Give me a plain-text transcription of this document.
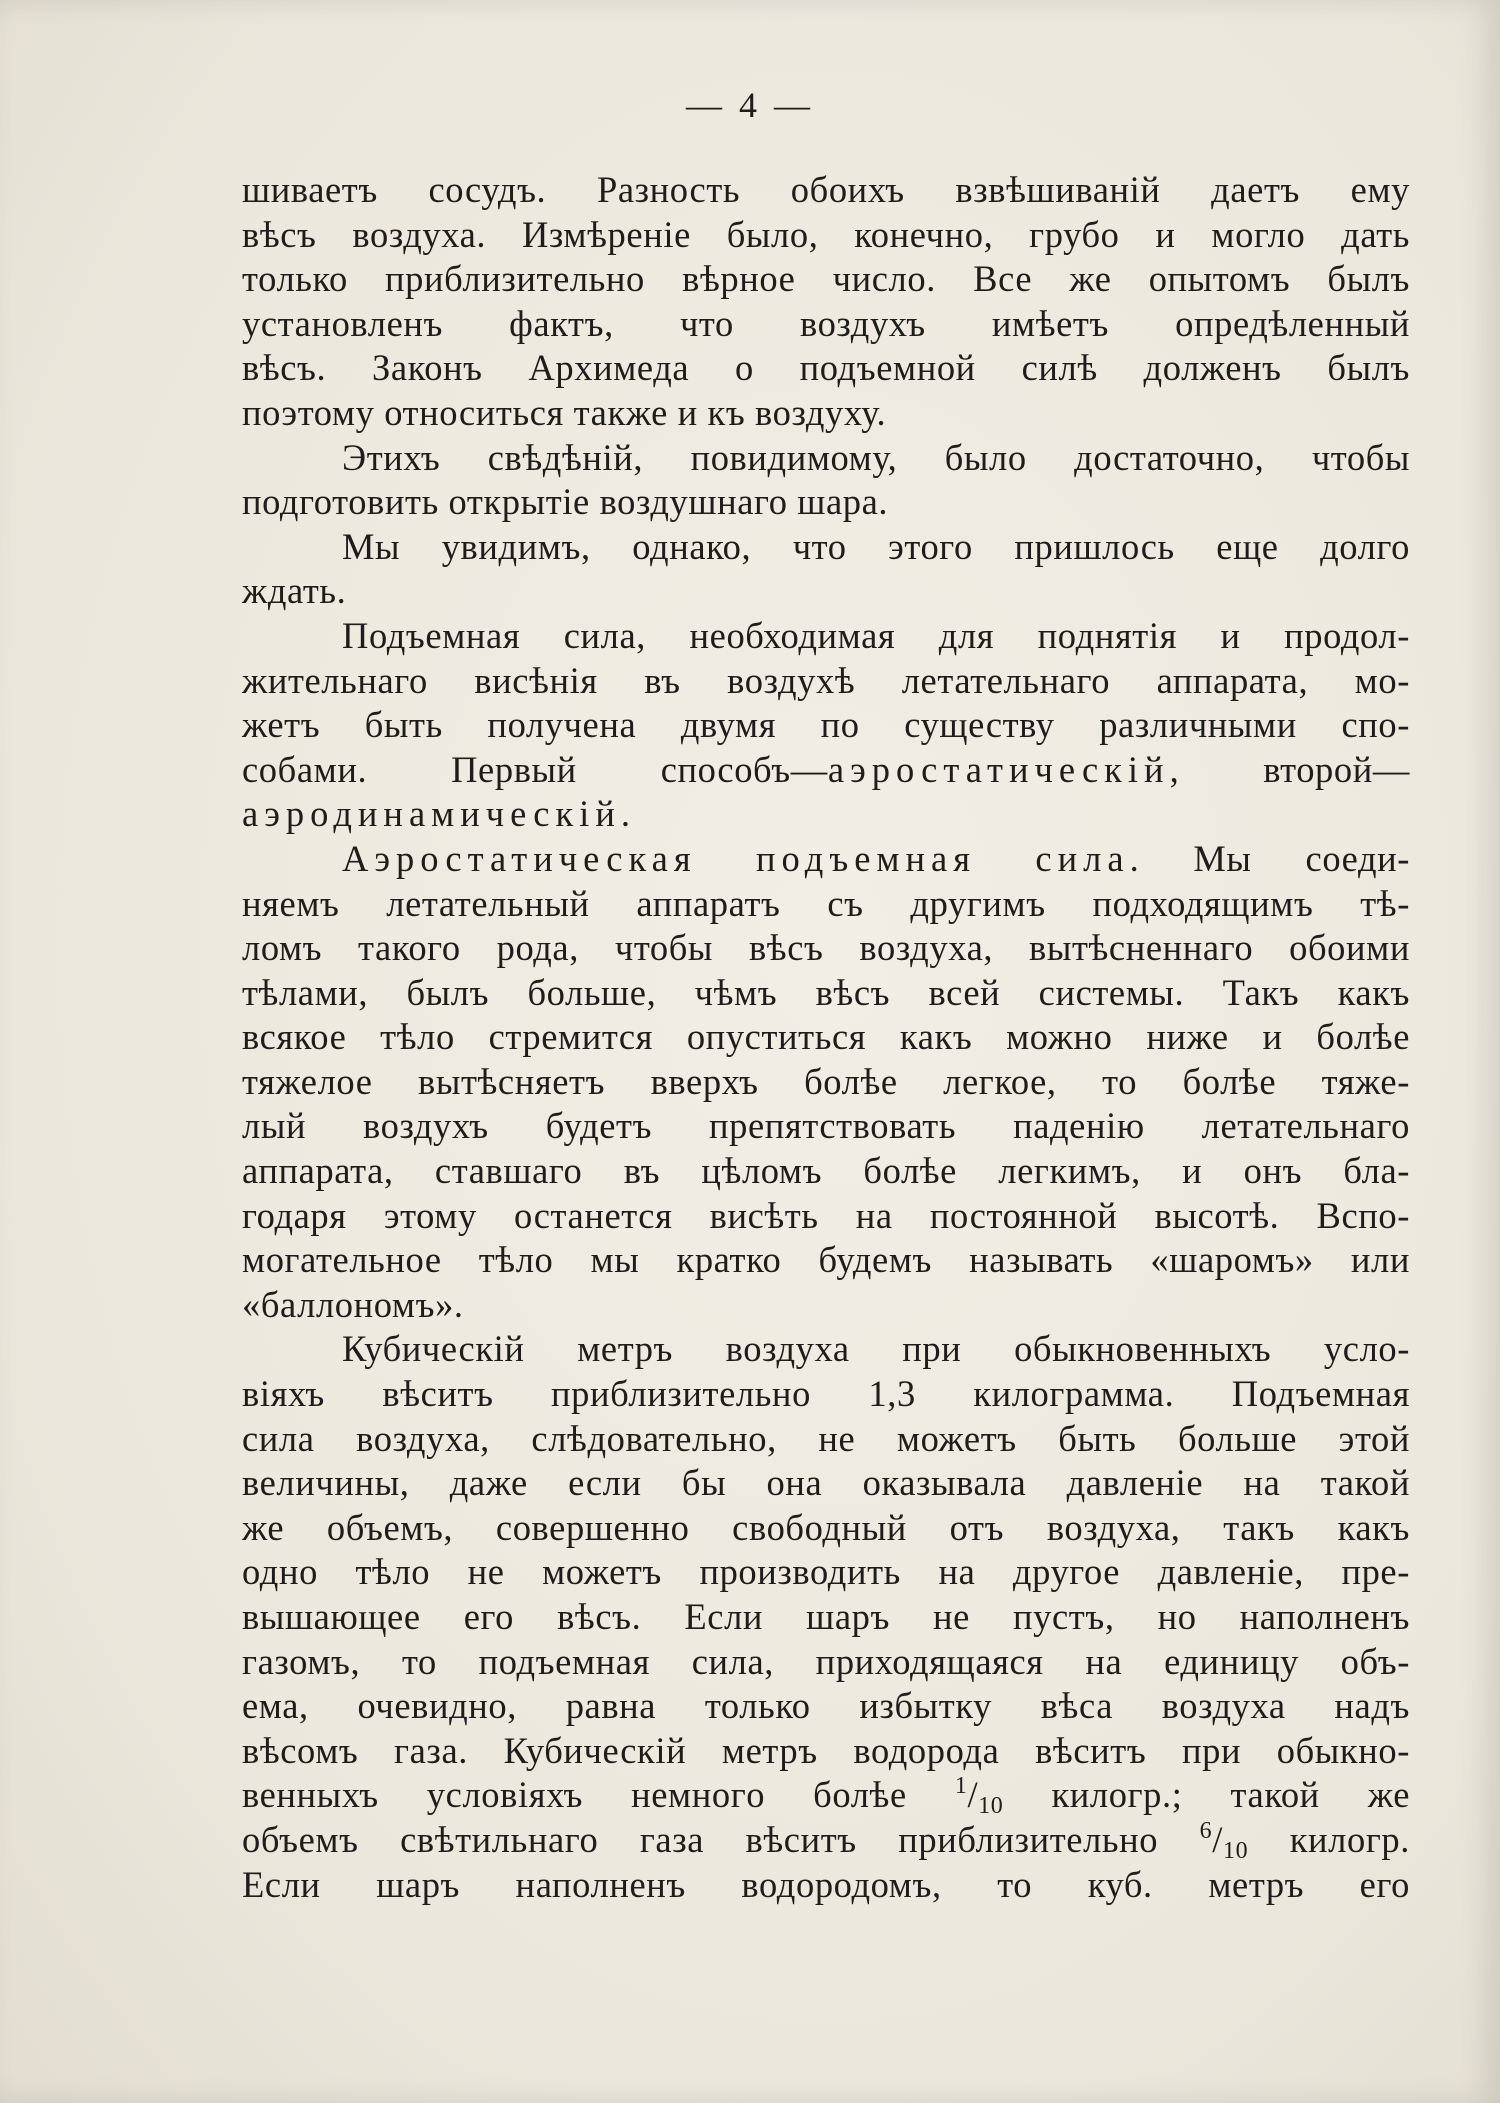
— 4 —

шиваетъ сосудъ. Разность обоихъ взвѣшиванiй даетъ ему

вѣсъ воздуха. Измѣренiе было, конечно, грубо и могло дать

только приблизительно вѣрное число. Все же опытомъ былъ

установленъ фактъ, что воздухъ имѣетъ опредѣленный

вѣсъ. Законъ Архимеда о подъемной силѣ долженъ былъ

поэтому относиться также и къ воздуху.

Этихъ свѣдѣнiй, повидимому, было достаточно, чтобы

подготовить открытiе воздушнаго шара.

Мы увидимъ, однако, что этого пришлось еще долго

ждать.

Подъемная сила, необходимая для поднятiя и продол-

жительнаго висѣнiя въ воздухѣ летательнаго аппарата, мо-

жетъ быть получена двумя по существу различными спо-

собами. Первый способъ—аэростатическiй, второй—

аэродинамическiй.

Аэростатическая подъемная сила. Мы соеди-

няемъ летательный аппаратъ съ другимъ подходящимъ тѣ-

ломъ такого рода, чтобы вѣсъ воздуха, вытѣсненнаго обоими

тѣлами, былъ больше, чѣмъ вѣсъ всей системы. Такъ какъ

всякое тѣло стремится опуститься какъ можно ниже и болѣе

тяжелое вытѣсняетъ вверхъ болѣе легкое, то болѣе тяже-

лый воздухъ будетъ препятствовать паденiю летательнаго

аппарата, ставшаго въ цѣломъ болѣе легкимъ, и онъ бла-

годаря этому останется висѣть на постоянной высотѣ. Вспо-

могательное тѣло мы кратко будемъ называть «шаромъ» или

«баллономъ».

Кубическiй метръ воздуха при обыкновенныхъ усло-

вiяхъ вѣситъ приблизительно 1,3 килограмма. Подъемная

сила воздуха, слѣдовательно, не можетъ быть больше этой

величины, даже если бы она оказывала давленiе на такой

же объемъ, совершенно свободный отъ воздуха, такъ какъ

одно тѣло не можетъ производить на другое давленiе, пре-

вышающее его вѣсъ. Если шаръ не пустъ, но наполненъ

газомъ, то подъемная сила, приходящаяся на единицу объ-

ема, очевидно, равна только избытку вѣса воздуха надъ

вѣсомъ газа. Кубическiй метръ водорода вѣситъ при обыкно-

венныхъ условiяхъ немногo болѣе $^1/_{10}$ килогр.; такой же

объемъ свѣтильнаго газа вѣситъ приблизительно $^6/_{10}$ килогр.

Если шаръ наполненъ водородомъ, то куб. метръ его
